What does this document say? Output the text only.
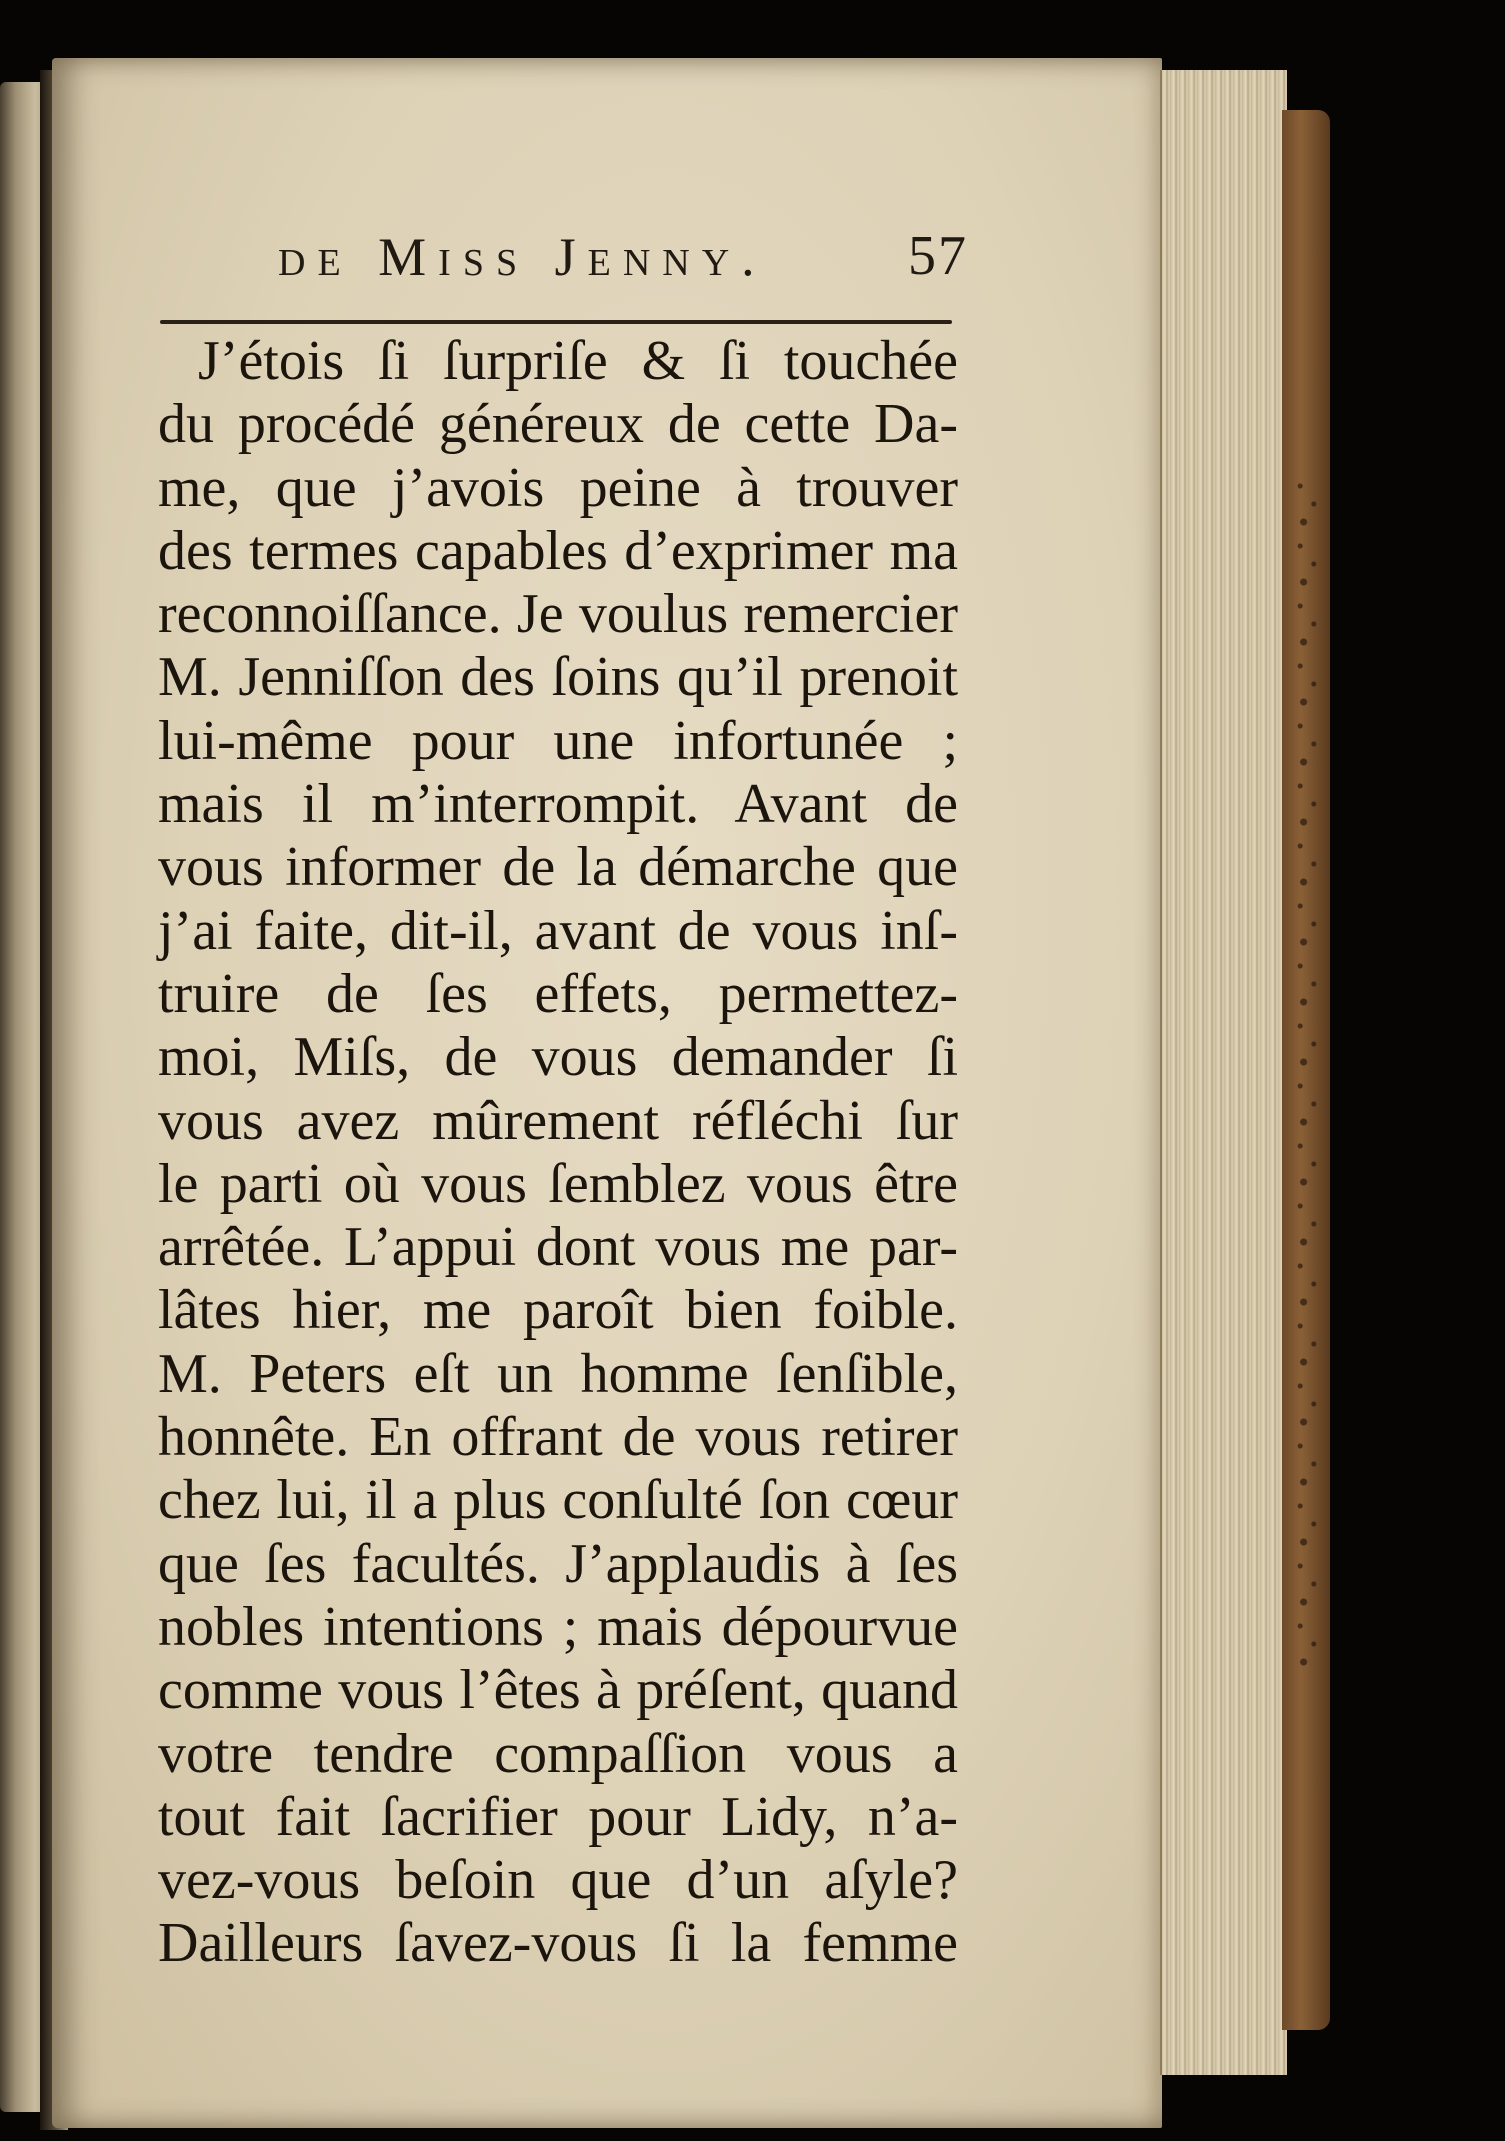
de Miss Jenny.	57
J’étois ſi ſurpriſe & ſi touchée
du procédé généreux de cette Da-
me, que j’avois peine à trouver
des termes capables d’exprimer ma
reconnoiſſance. Je voulus remercier
M. Jenniſſon des ſoins qu’il prenoit
lui-même pour une infortunée ;
mais il m’interrompit. Avant de
vous informer de la démarche que
j’ai faite, dit-il, avant de vous inſ-
truire de ſes effets, permettez-
moi, Miſs, de vous demander ſi
vous avez mûrement réfléchi ſur
le parti où vous ſemblez vous être
arrêtée. L’appui dont vous me par-
lâtes hier, me paroît bien foible.
M. Peters eſt un homme ſenſible,
honnête. En offrant de vous retirer
chez lui, il a plus conſulté ſon cœur
que ſes facultés. J’applaudis à ſes
nobles intentions ; mais dépourvue
comme vous l’êtes à préſent, quand
votre tendre compaſſion vous a
tout fait ſacrifier pour Lidy, n’a-
vez-vous beſoin que d’un aſyle?
Dailleurs ſavez-vous ſi la femme
